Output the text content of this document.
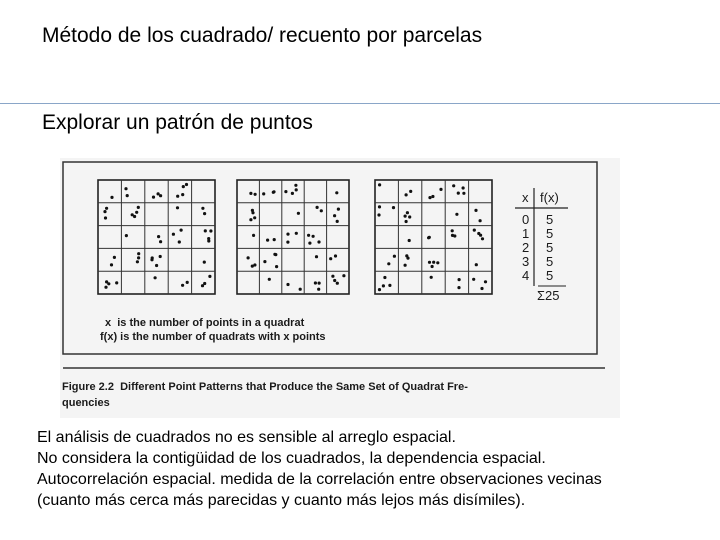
Método de los cuadrado/ recuento por parcelas
Explorar un patrón de puntos
x f(x)
0 5
1 5
2 5
3 5
4 5
Σ25
x  is the number of points in a quadrat
f(x) is the number of quadrats with x points
Figure 2.2  Different Point Patterns that Produce the Same Set of Quadrat Fre-
quencies
El análisis de cuadrados no es sensible al arreglo espacial.
No considera la contigüidad de los cuadrados, la dependencia espacial.
Autocorrelación espacial. medida de la correlación entre observaciones vecinas
(cuanto más cerca más parecidas y cuanto más lejos más disímiles).
